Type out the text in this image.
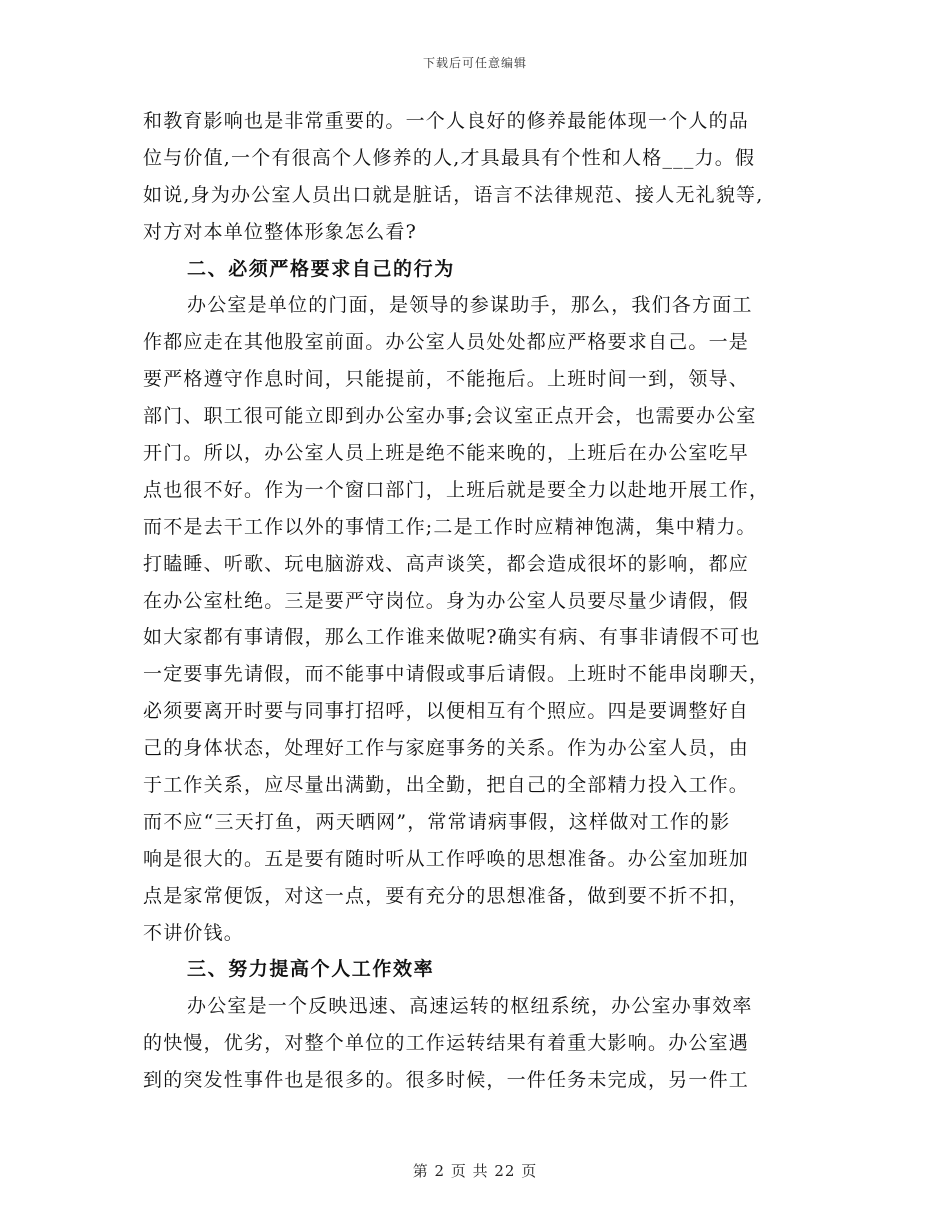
下载后可任意编辑
和教育影响也是非常重要的。一个人良好的修养最能体现一个人的品
位与价值,一个有很高个人修养的人,才具最具有个性和人格___力。假
如说,身为办公室人员出口就是脏话，语言不法律规范、接人无礼貌等,
对方对本单位整体形象怎么看?
二、必须严格要求自己的行为
办公室是单位的门面，是领导的参谋助手，那么，我们各方面工
作都应走在其他股室前面。办公室人员处处都应严格要求自己。一是
要严格遵守作息时间，只能提前，不能拖后。上班时间一到，领导、
部门、职工很可能立即到办公室办事;会议室正点开会，也需要办公室
开门。所以，办公室人员上班是绝不能来晚的，上班后在办公室吃早
点也很不好。作为一个窗口部门，上班后就是要全力以赴地开展工作，
而不是去干工作以外的事情工作;二是工作时应精神饱满，集中精力。
打瞌睡、听歌、玩电脑游戏、高声谈笑，都会造成很坏的影响，都应
在办公室杜绝。三是要严守岗位。身为办公室人员要尽量少请假，假
如大家都有事请假，那么工作谁来做呢?确实有病、有事非请假不可也
一定要事先请假，而不能事中请假或事后请假。上班时不能串岗聊天，
必须要离开时要与同事打招呼，以便相互有个照应。四是要调整好自
己的身体状态，处理好工作与家庭事务的关系。作为办公室人员，由
于工作关系，应尽量出满勤，出全勤，把自己的全部精力投入工作。
而不应“三天打鱼，两天晒网”，常常请病事假，这样做对工作的影
响是很大的。五是要有随时听从工作呼唤的思想准备。办公室加班加
点是家常便饭，对这一点，要有充分的思想准备，做到要不折不扣，
不讲价钱。
三、努力提高个人工作效率
办公室是一个反映迅速、高速运转的枢纽系统，办公室办事效率
的快慢，优劣，对整个单位的工作运转结果有着重大影响。办公室遇
到的突发性事件也是很多的。很多时候，一件任务未完成，另一件工
第 2 页 共 22 页
